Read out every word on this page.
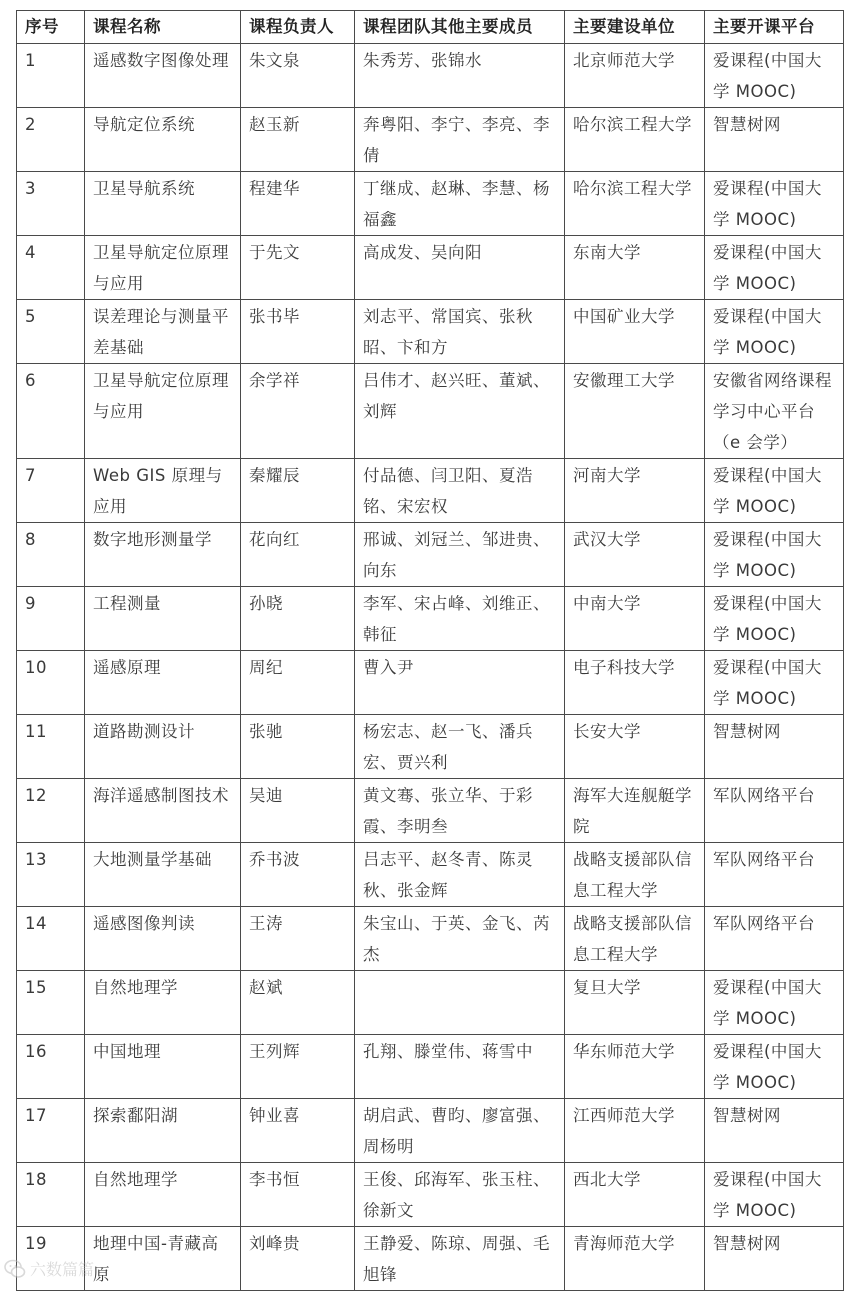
序号	课程名称	课程负责人	课程团队其他主要成员	主要建设单位	主要开课平台
1	遥感数字图像处理	朱文泉	朱秀芳、张锦水	北京师范大学	爱课程(中国大学 MOOC)
2	导航定位系统	赵玉新	奔粤阳、李宁、李亮、李倩	哈尔滨工程大学	智慧树网
3	卫星导航系统	程建华	丁继成、赵琳、李慧、杨福鑫	哈尔滨工程大学	爱课程(中国大学 MOOC)
4	卫星导航定位原理与应用	于先文	高成发、吴向阳	东南大学	爱课程(中国大学 MOOC)
5	误差理论与测量平差基础	张书毕	刘志平、常国宾、张秋昭、卞和方	中国矿业大学	爱课程(中国大学 MOOC)
6	卫星导航定位原理与应用	余学祥	吕伟才、赵兴旺、董斌、刘辉	安徽理工大学	安徽省网络课程学习中心平台（e 会学）
7	Web GIS 原理与应用	秦耀辰	付品德、闫卫阳、夏浩铭、宋宏权	河南大学	爱课程(中国大学 MOOC)
8	数字地形测量学	花向红	邢诚、刘冠兰、邹进贵、向东	武汉大学	爱课程(中国大学 MOOC)
9	工程测量	孙晓	李军、宋占峰、刘维正、韩征	中南大学	爱课程(中国大学 MOOC)
10	遥感原理	周纪	曹入尹	电子科技大学	爱课程(中国大学 MOOC)
11	道路勘测设计	张驰	杨宏志、赵一飞、潘兵宏、贾兴利	长安大学	智慧树网
12	海洋遥感制图技术	吴迪	黄文骞、张立华、于彩霞、李明叁	海军大连舰艇学院	军队网络平台
13	大地测量学基础	乔书波	吕志平、赵冬青、陈灵秋、张金辉	战略支援部队信息工程大学	军队网络平台
14	遥感图像判读	王涛	朱宝山、于英、金飞、芮杰	战略支援部队信息工程大学	军队网络平台
15	自然地理学	赵斌		复旦大学	爱课程(中国大学 MOOC)
16	中国地理	王列辉	孔翔、滕堂伟、蒋雪中	华东师范大学	爱课程(中国大学 MOOC)
17	探索鄱阳湖	钟业喜	胡启武、曹昀、廖富强、周杨明	江西师范大学	智慧树网
18	自然地理学	李书恒	王俊、邱海军、张玉柱、徐新文	西北大学	爱课程(中国大学 MOOC)
19	地理中国-青藏高原	刘峰贵	王静爱、陈琼、周强、毛旭锋	青海师范大学	智慧树网
六数篇篇
